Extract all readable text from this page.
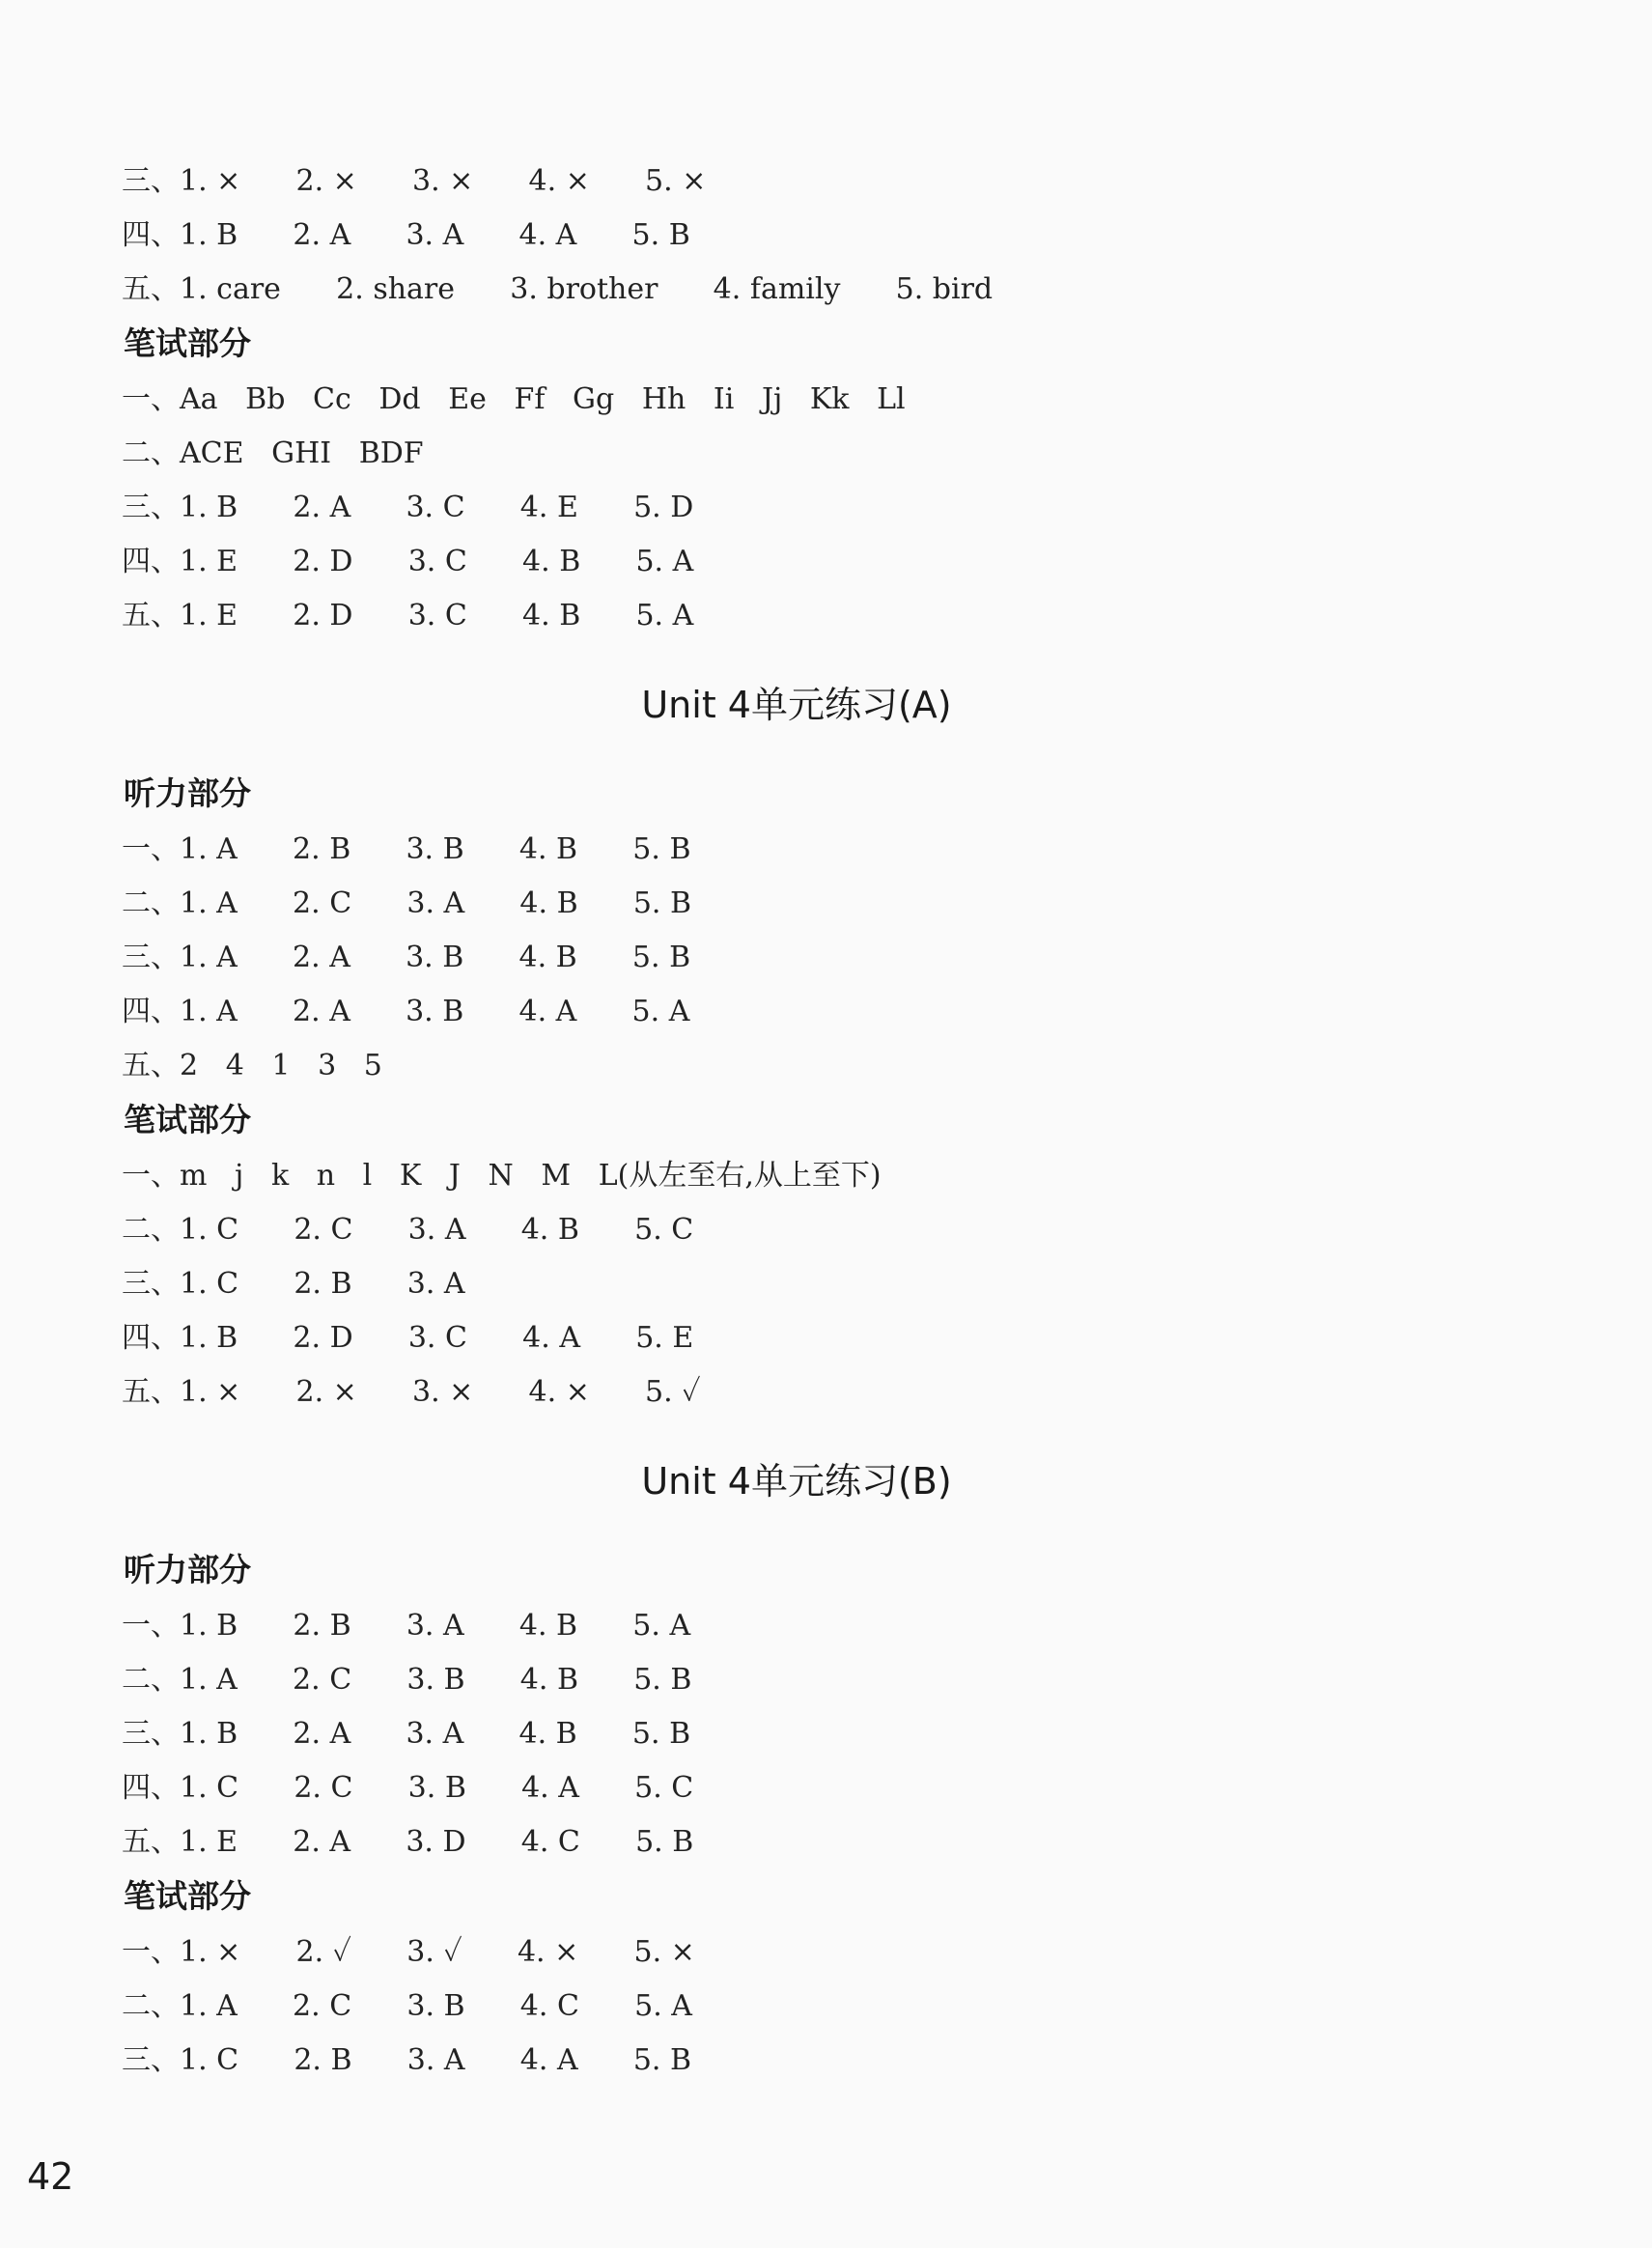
三、1. ×      2. ×      3. ×      4. ×      5. ×
四、1. B      2. A      3. A      4. A      5. B
五、1. care      2. share      3. brother      4. family      5. bird
笔试部分
一、Aa   Bb   Cc   Dd   Ee   Ff   Gg   Hh   Ii   Jj   Kk   Ll
二、ACE   GHI   BDF
三、1. B      2. A      3. C      4. E      5. D
四、1. E      2. D      3. C      4. B      5. A
五、1. E      2. D      3. C      4. B      5. A
Unit 4单元练习(A)
听力部分
一、1. A      2. B      3. B      4. B      5. B
二、1. A      2. C      3. A      4. B      5. B
三、1. A      2. A      3. B      4. B      5. B
四、1. A      2. A      3. B      4. A      5. A
五、2   4   1   3   5
笔试部分
一、m   j   k   n   l   K   J   N   M   L(从左至右,从上至下)
二、1. C      2. C      3. A      4. B      5. C
三、1. C      2. B      3. A
四、1. B      2. D      3. C      4. A      5. E
五、1. ×      2. ×      3. ×      4. ×      5. ✓
Unit 4单元练习(B)
听力部分
一、1. B      2. B      3. A      4. B      5. A
二、1. A      2. C      3. B      4. B      5. B
三、1. B      2. A      3. A      4. B      5. B
四、1. C      2. C      3. B      4. A      5. C
五、1. E      2. A      3. D      4. C      5. B
笔试部分
一、1. ×      2. ✓      3. ✓      4. ×      5. ×
二、1. A      2. C      3. B      4. C      5. A
三、1. C      2. B      3. A      4. A      5. B
42
